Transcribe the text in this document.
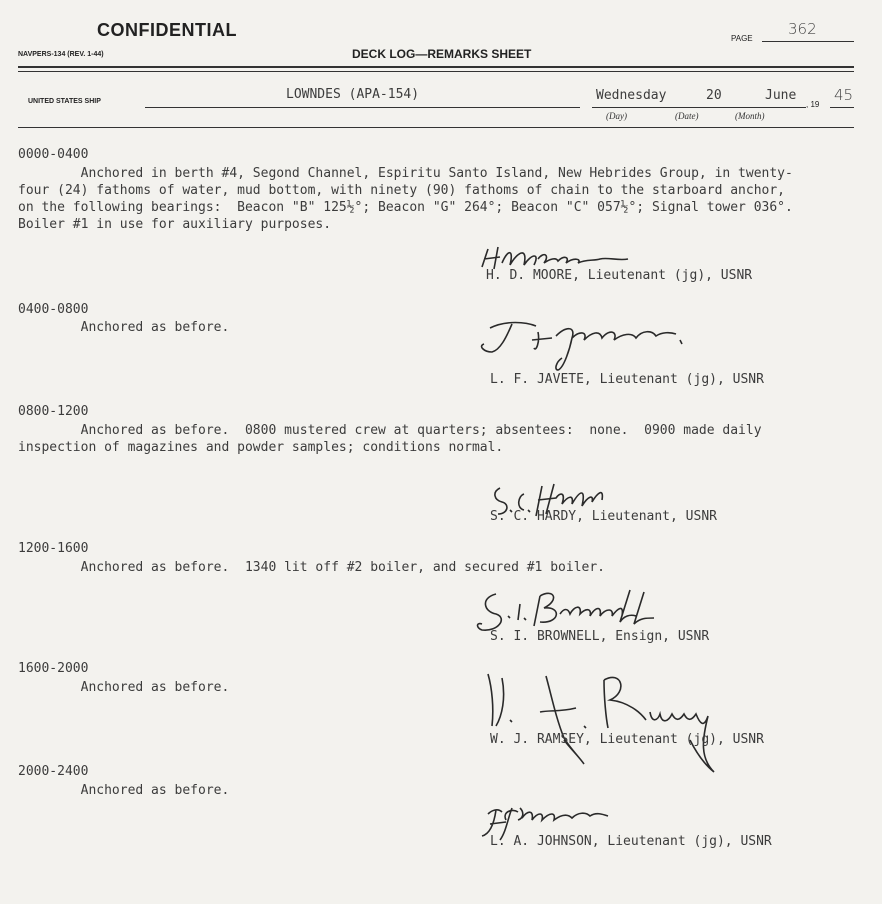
CONFIDENTIAL
NAVPERS-134 (REV. 1-44)	DECK LOG—REMARKS SHEET
PAGE
362
UNITED STATES SHIP	LOWNDES (APA-154)	Wednesday	20	June
, 19
45
(Day)	(Date)	(Month)
0000-0400
Anchored in berth #4, Segond Channel, Espiritu Santo Island, New Hebrides Group, in twenty-
four (24) fathoms of water, mud bottom, with ninety (90) fathoms of chain to the starboard anchor,
on the following bearings:  Beacon "B" 125½°; Beacon "G" 264°; Beacon "C" 057½°; Signal tower 036°.
Boiler #1 in use for auxiliary purposes.
H. D. MOORE, Lieutenant (jg), USNR
0400-0800
Anchored as before.
L. F. JAVETE, Lieutenant (jg), USNR
0800-1200
Anchored as before.  0800 mustered crew at quarters; absentees:  none.  0900 made daily
inspection of magazines and powder samples; conditions normal.
S. C. HARDY, Lieutenant, USNR
1200-1600
Anchored as before.  1340 lit off #2 boiler, and secured #1 boiler.
S. I. BROWNELL, Ensign, USNR
1600-2000
Anchored as before.
W. J. RAMSEY, Lieutenant (jg), USNR
2000-2400
Anchored as before.
L. A. JOHNSON, Lieutenant (jg), USNR
